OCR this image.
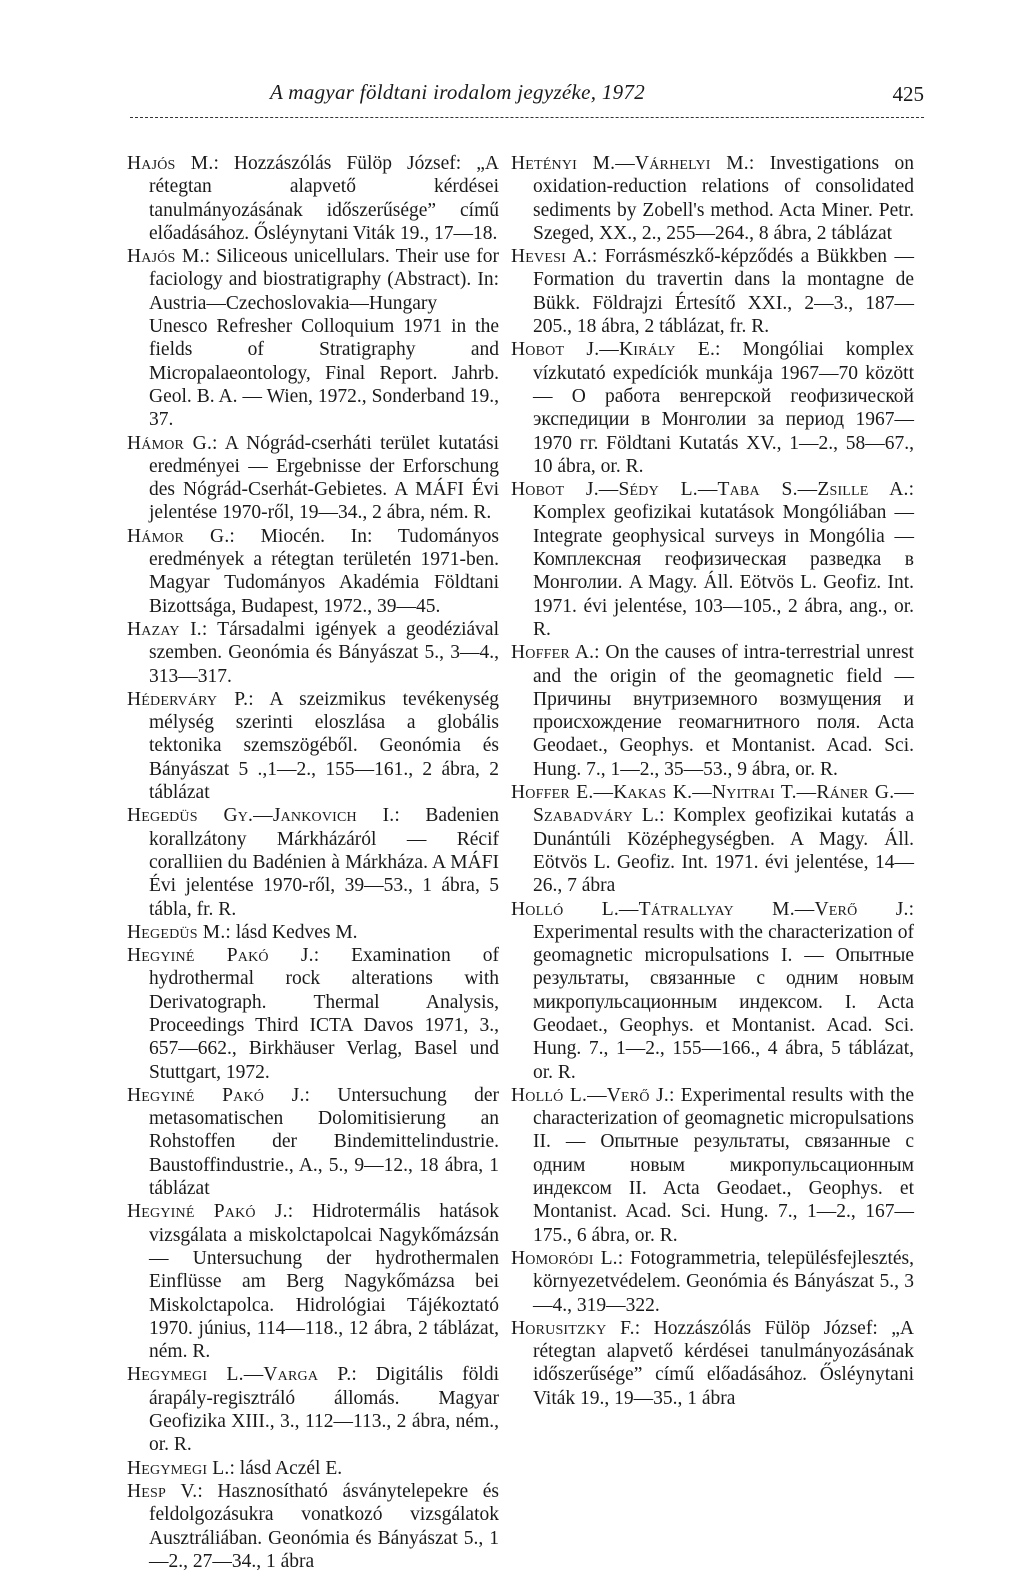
A magyar földtani irodalom jegyzéke, 1972	425

Hajós M.: Hozzászólás Fülöp József: „A rétegtan alapvető kérdései tanulmányozásának időszerűsége” című előadásához. Ősléynytani Viták 19., 17—18.

Hajós M.: Siliceous unicellulars. Their use for faciology and biostratigraphy (Abstract). In: Austria—Czechoslovakia—Hungary Unesco Refresher Colloquium 1971 in the fields of Stratigraphy and Micropalaeontology, Final Report. Jahrb. Geol. B. A. — Wien, 1972., Sonderband 19., 37.

Hámor G.: A Nógrád-cserháti terület kutatási eredményei — Ergebnisse der Erforschung des Nógrád-Cserhát-Gebietes. A MÁFI Évi jelentése 1970-ről, 19—34., 2 ábra, ném. R.

Hámor G.: Miocén. In: Tudományos eredmények a rétegtan területén 1971-ben. Magyar Tudományos Akadémia Földtani Bizottsága, Budapest, 1972., 39—45.

Hazay I.: Társadalmi igények a geodéziával szemben. Geonómia és Bányászat 5., 3—4., 313—317.

Héderváry P.: A szeizmikus tevékenység mélység szerinti eloszlása a globális tektonika szemszögéből. Geonómia és Bányászat 5 .,1—2., 155—161., 2 ábra, 2 táblázat

Hegedüs Gy.—Jankovich I.: Badenien korallzátony Márkházáról — Récif coralliien du Badénien à Márkháza. A MÁFI Évi jelentése 1970-ről, 39—53., 1 ábra, 5 tábla, fr. R.

Hegedüs M.: lásd Kedves M.

Hegyiné Pakó J.: Examination of hydrothermal rock alterations with Derivatograph. Thermal Analysis, Proceedings Third ICTA Davos 1971, 3., 657—662., Birkhäuser Verlag, Basel und Stuttgart, 1972.

Hegyiné Pakó J.: Untersuchung der metasomatischen Dolomitisierung an Rohstoffen der Bindemittelindustrie. Baustoffindustrie., A., 5., 9—12., 18 ábra, 1 táblázat

Hegyiné Pakó J.: Hidrotermális hatások vizsgálata a miskolctapolcai Nagykőmázsán — Untersuchung der hydrothermalen Einflüsse am Berg Nagykőmázsa bei Miskolctapolca. Hidrológiai Tájékoztató 1970. június, 114—118., 12 ábra, 2 táblázat, ném. R.

Hegymegi L.—Varga P.: Digitális földi árapály-regisztráló állomás. Magyar Geofizika XIII., 3., 112—113., 2 ábra, ném., or. R.

Hegymegi L.: lásd Aczél E.

Hesp V.: Hasznosítható ásványtelepekre és feldolgozásukra vonatkozó vizsgálatok Ausztráliában. Geonómia és Bányászat 5., 1—2., 27—34., 1 ábra

Hetényi M.—Várhelyi M.: Investigations on oxidation-reduction relations of consolidated sediments by Zobell's method. Acta Miner. Petr. Szeged, XX., 2., 255—264., 8 ábra, 2 táblázat

Hevesi A.: Forrásmészkő-képződés a Bükkben — Formation du travertin dans la montagne de Bükk. Földrajzi Értesítő XXI., 2—3., 187—205., 18 ábra, 2 táblázat, fr. R.

Hobot J.—Király E.: Mongóliai komplex vízkutató expedíciók munkája 1967—70 között — О работа венгерской геофизической экспедиции в Монголии за период 1967—1970 гг. Földtani Kutatás XV., 1—2., 58—67., 10 ábra, or. R.

Hobot J.—Sédy L.—Taba S.—Zsille A.: Komplex geofizikai kutatások Mongóliában — Integrate geophysical surveys in Mongólia — Комплексная геофизическая разведка в Монголии. A Magy. Áll. Eötvös L. Geofiz. Int. 1971. évi jelentése, 103—105., 2 ábra, ang., or. R.

Hoffer A.: On the causes of intra-terrestrial unrest and the origin of the geomagnetic field — Причины внутриземного возмущения и происхождение геомагнитного поля. Acta Geodaet., Geophys. et Montanist. Acad. Sci. Hung. 7., 1—2., 35—53., 9 ábra, or. R.

Hoffer E.—Kakas K.—Nyitrai T.—Ráner G.—Szabadváry L.: Komplex geofizikai kutatás a Dunántúli Középhegységben. A Magy. Áll. Eötvös L. Geofiz. Int. 1971. évi jelentése, 14—26., 7 ábra

Holló L.—Tátrallyay M.—Verő J.: Experimental results with the characterization of geomagnetic micropulsations I. — Опытные результаты, связанные с одним новым микропульсационным индексом. I. Acta Geodaet., Geophys. et Montanist. Acad. Sci. Hung. 7., 1—2., 155—166., 4 ábra, 5 táblázat, or. R.

Holló L.—Verő J.: Experimental results with the characterization of geomagnetic micropulsations II. — Опытные результаты, связанные с одним новым микропульсационным индексом II. Acta Geodaet., Geophys. et Montanist. Acad. Sci. Hung. 7., 1—2., 167—175., 6 ábra, or. R.

Homoródi L.: Fotogrammetria, településfejlesztés, környezetvédelem. Geonómia és Bányászat 5., 3—4., 319—322.

Horusitzky F.: Hozzászólás Fülöp József: „A rétegtan alapvető kérdései tanulmányozásának időszerűsége” című előadásához. Ősléynytani Viták 19., 19—35., 1 ábra
